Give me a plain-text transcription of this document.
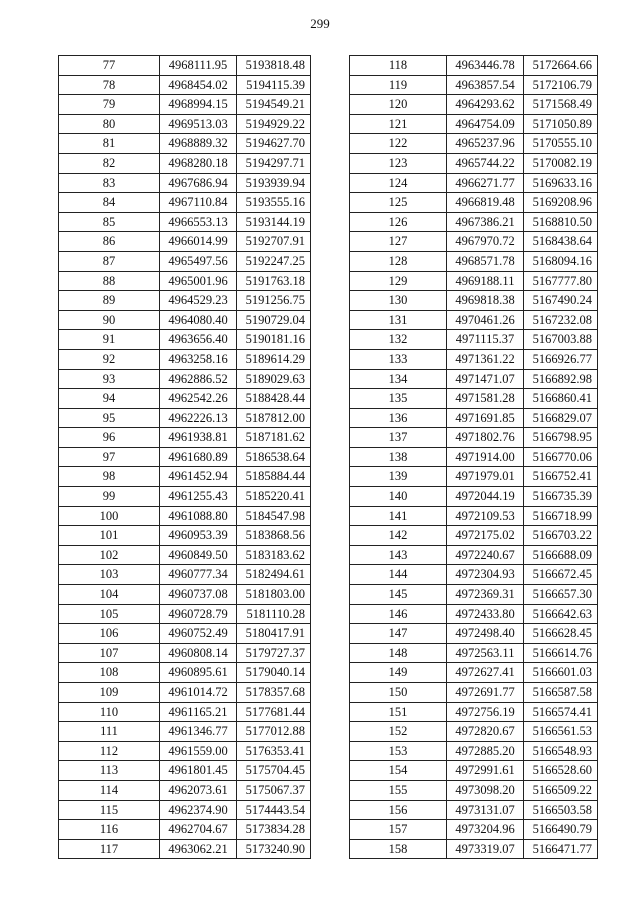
299
77	4968111.95	5193818.48
78	4968454.02	5194115.39
79	4968994.15	5194549.21
80	4969513.03	5194929.22
81	4968889.32	5194627.70
82	4968280.18	5194297.71
83	4967686.94	5193939.94
84	4967110.84	5193555.16
85	4966553.13	5193144.19
86	4966014.99	5192707.91
87	4965497.56	5192247.25
88	4965001.96	5191763.18
89	4964529.23	5191256.75
90	4964080.40	5190729.04
91	4963656.40	5190181.16
92	4963258.16	5189614.29
93	4962886.52	5189029.63
94	4962542.26	5188428.44
95	4962226.13	5187812.00
96	4961938.81	5187181.62
97	4961680.89	5186538.64
98	4961452.94	5185884.44
99	4961255.43	5185220.41
100	4961088.80	5184547.98
101	4960953.39	5183868.56
102	4960849.50	5183183.62
103	4960777.34	5182494.61
104	4960737.08	5181803.00
105	4960728.79	5181110.28
106	4960752.49	5180417.91
107	4960808.14	5179727.37
108	4960895.61	5179040.14
109	4961014.72	5178357.68
110	4961165.21	5177681.44
111	4961346.77	5177012.88
112	4961559.00	5176353.41
113	4961801.45	5175704.45
114	4962073.61	5175067.37
115	4962374.90	5174443.54
116	4962704.67	5173834.28
117	4963062.21	5173240.90
118	4963446.78	5172664.66
119	4963857.54	5172106.79
120	4964293.62	5171568.49
121	4964754.09	5171050.89
122	4965237.96	5170555.10
123	4965744.22	5170082.19
124	4966271.77	5169633.16
125	4966819.48	5169208.96
126	4967386.21	5168810.50
127	4967970.72	5168438.64
128	4968571.78	5168094.16
129	4969188.11	5167777.80
130	4969818.38	5167490.24
131	4970461.26	5167232.08
132	4971115.37	5167003.88
133	4971361.22	5166926.77
134	4971471.07	5166892.98
135	4971581.28	5166860.41
136	4971691.85	5166829.07
137	4971802.76	5166798.95
138	4971914.00	5166770.06
139	4971979.01	5166752.41
140	4972044.19	5166735.39
141	4972109.53	5166718.99
142	4972175.02	5166703.22
143	4972240.67	5166688.09
144	4972304.93	5166672.45
145	4972369.31	5166657.30
146	4972433.80	5166642.63
147	4972498.40	5166628.45
148	4972563.11	5166614.76
149	4972627.41	5166601.03
150	4972691.77	5166587.58
151	4972756.19	5166574.41
152	4972820.67	5166561.53
153	4972885.20	5166548.93
154	4972991.61	5166528.60
155	4973098.20	5166509.22
156	4973131.07	5166503.58
157	4973204.96	5166490.79
158	4973319.07	5166471.77
